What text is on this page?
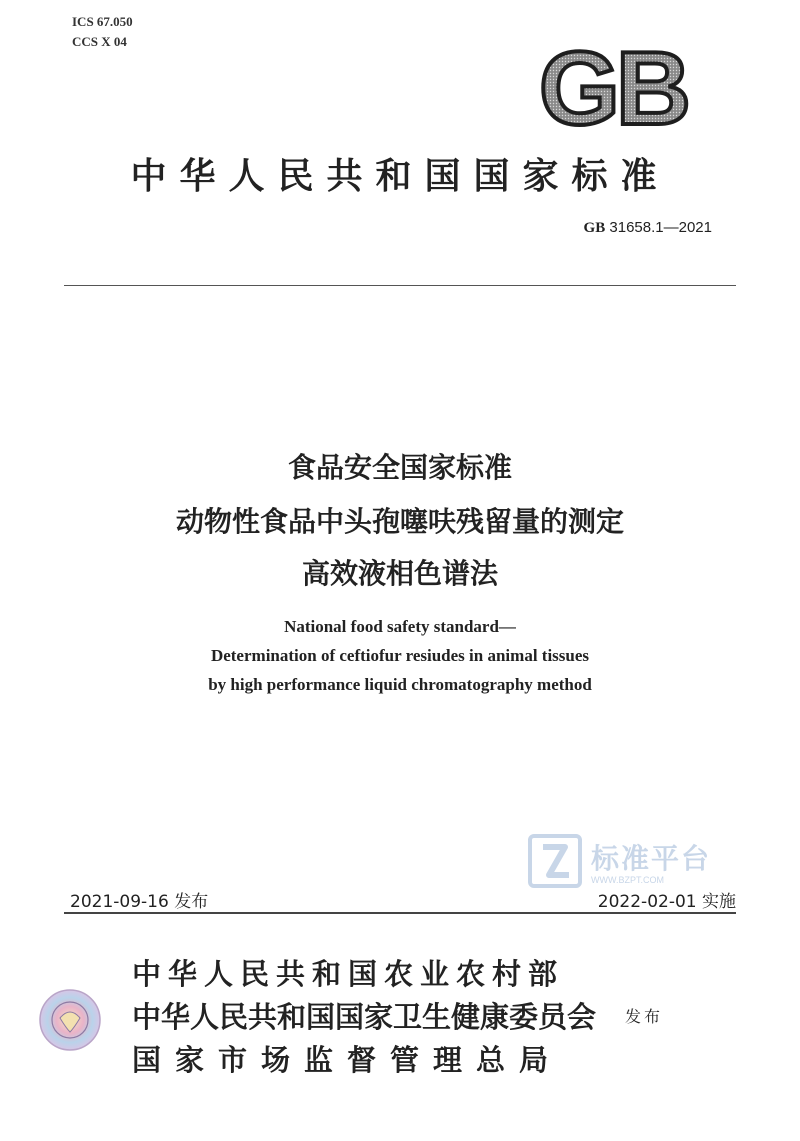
ICS 67.050
CCS X 04	GB
中华人民共和国国家标准
GB 31658.1—2021
食品安全国家标准
动物性食品中头孢噻呋残留量的测定
高效液相色谱法
National food safety standard—
Determination of ceftiofur resiudes in animal tissues
by high performance liquid chromatography method
标准平台
WWW.BZPT.COM
2021-09-16 发布	2022-02-01 实施
中华人民共和国农业农村部
中华人民共和国国家卫生健康委员会
国家市场监督管理总局
发布
